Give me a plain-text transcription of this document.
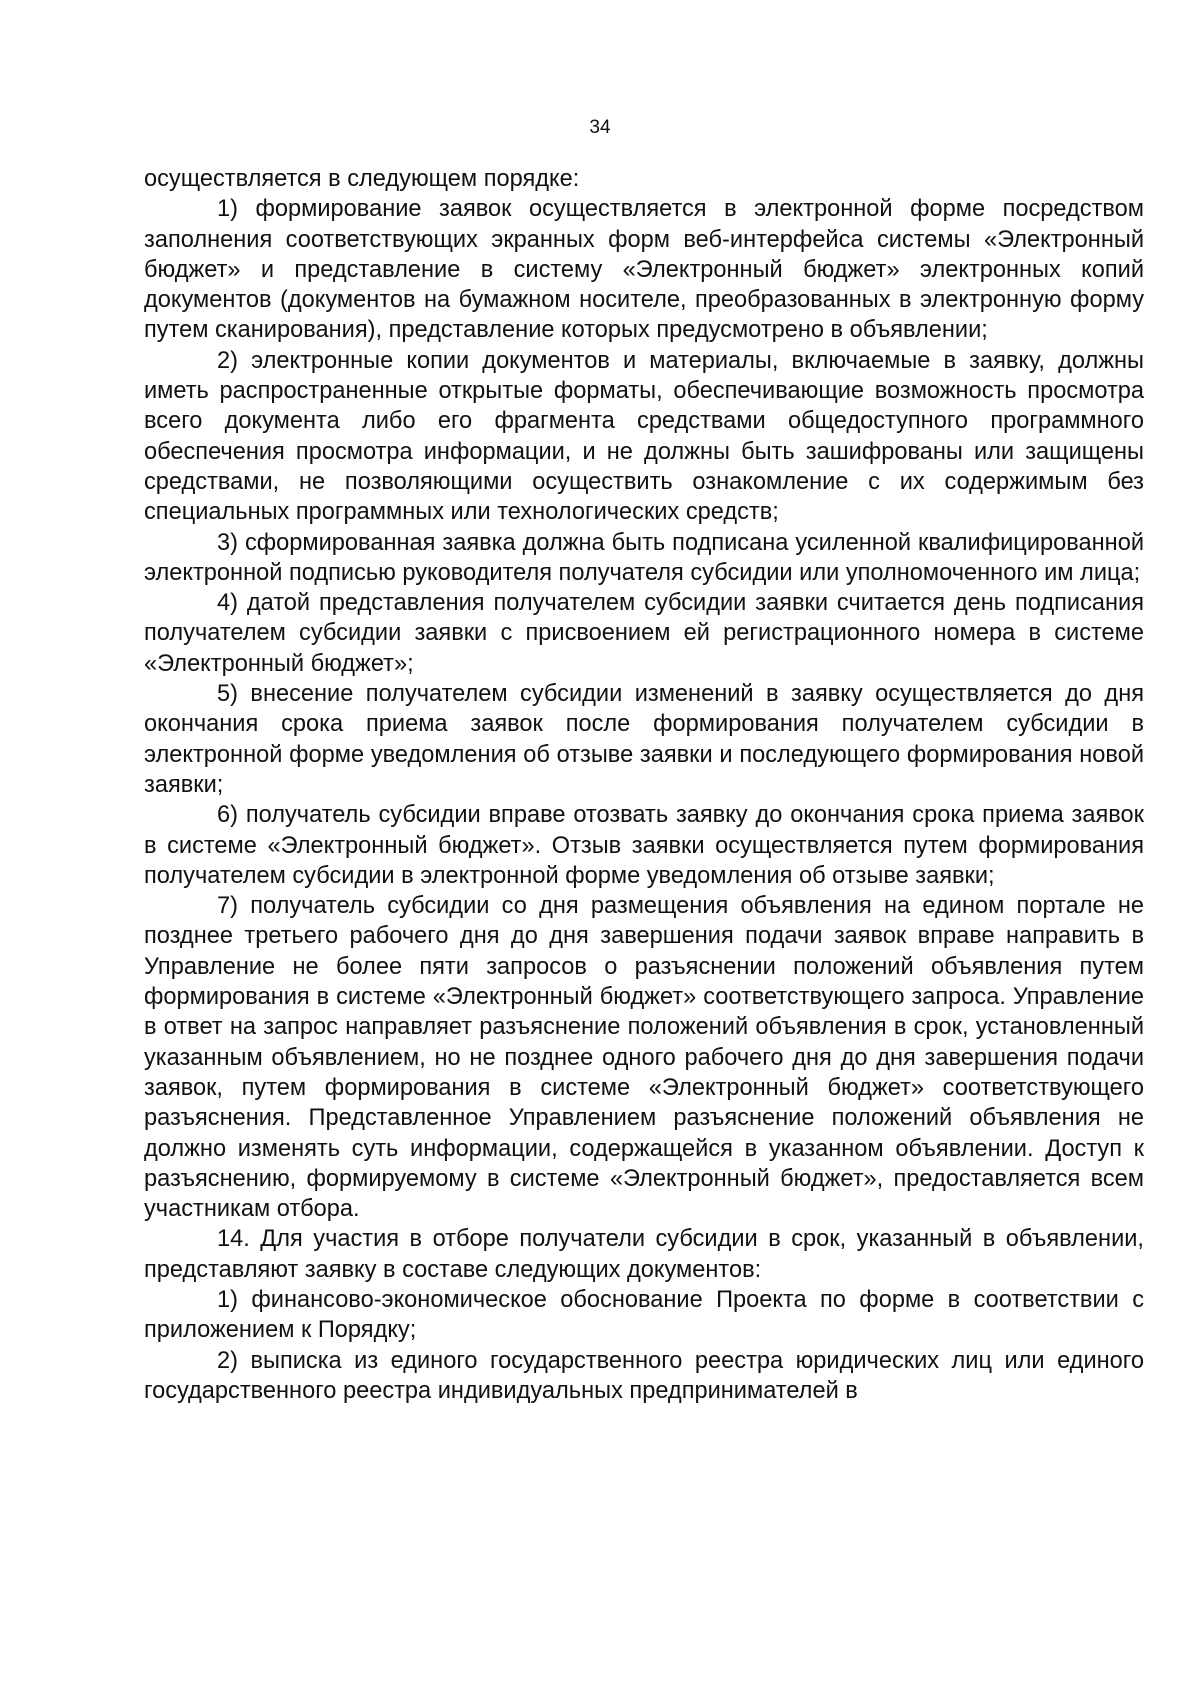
34

осуществляется в следующем порядке:

1) формирование заявок осуществляется в электронной форме посредством заполнения соответствующих экранных форм веб-интерфейса системы «Электронный бюджет» и представление в систему «Электронный бюджет» электронных копий документов (документов на бумажном носителе, преобразованных в электронную форму путем сканирования), представление которых предусмотрено в объявлении;

2) электронные копии документов и материалы, включаемые в заявку, должны иметь распространенные открытые форматы, обеспечивающие возможность просмотра всего документа либо его фрагмента средствами общедоступного программного обеспечения просмотра информации, и не должны быть зашифрованы или защищены средствами, не позволяющими осуществить ознакомление с их содержимым без специальных программных или технологических средств;

3) сформированная заявка должна быть подписана усиленной квалифицированной электронной подписью руководителя получателя субсидии или уполномоченного им лица;

4) датой представления получателем субсидии заявки считается день подписания получателем субсидии заявки с присвоением ей регистрационного номера в системе «Электронный бюджет»;

5) внесение получателем субсидии изменений в заявку осуществляется до дня окончания срока приема заявок после формирования получателем субсидии в электронной форме уведомления об отзыве заявки и последующего формирования новой заявки;

6) получатель субсидии вправе отозвать заявку до окончания срока приема заявок в системе «Электронный бюджет». Отзыв заявки осуществляется путем формирования получателем субсидии в электронной форме уведомления об отзыве заявки;

7) получатель субсидии со дня размещения объявления на едином портале не позднее третьего рабочего дня до дня завершения подачи заявок вправе направить в Управление не более пяти запросов о разъяснении положений объявления путем формирования в системе «Электронный бюджет» соответствующего запроса. Управление в ответ на запрос направляет разъяснение положений объявления в срок, установленный указанным объявлением, но не позднее одного рабочего дня до дня завершения подачи заявок, путем формирования в системе «Электронный бюджет» соответствующего разъяснения. Представленное Управлением разъяснение положений объявления не должно изменять суть информации, содержащейся в указанном объявлении. Доступ к разъяснению, формируемому в системе «Электронный бюджет», предоставляется всем участникам отбора.

14. Для участия в отборе получатели субсидии в срок, указанный в объявлении, представляют заявку в составе следующих документов:

1) финансово-экономическое обоснование Проекта по форме в соответствии с приложением к Порядку;

2) выписка из единого государственного реестра юридических лиц или единого государственного реестра индивидуальных предпринимателей в
